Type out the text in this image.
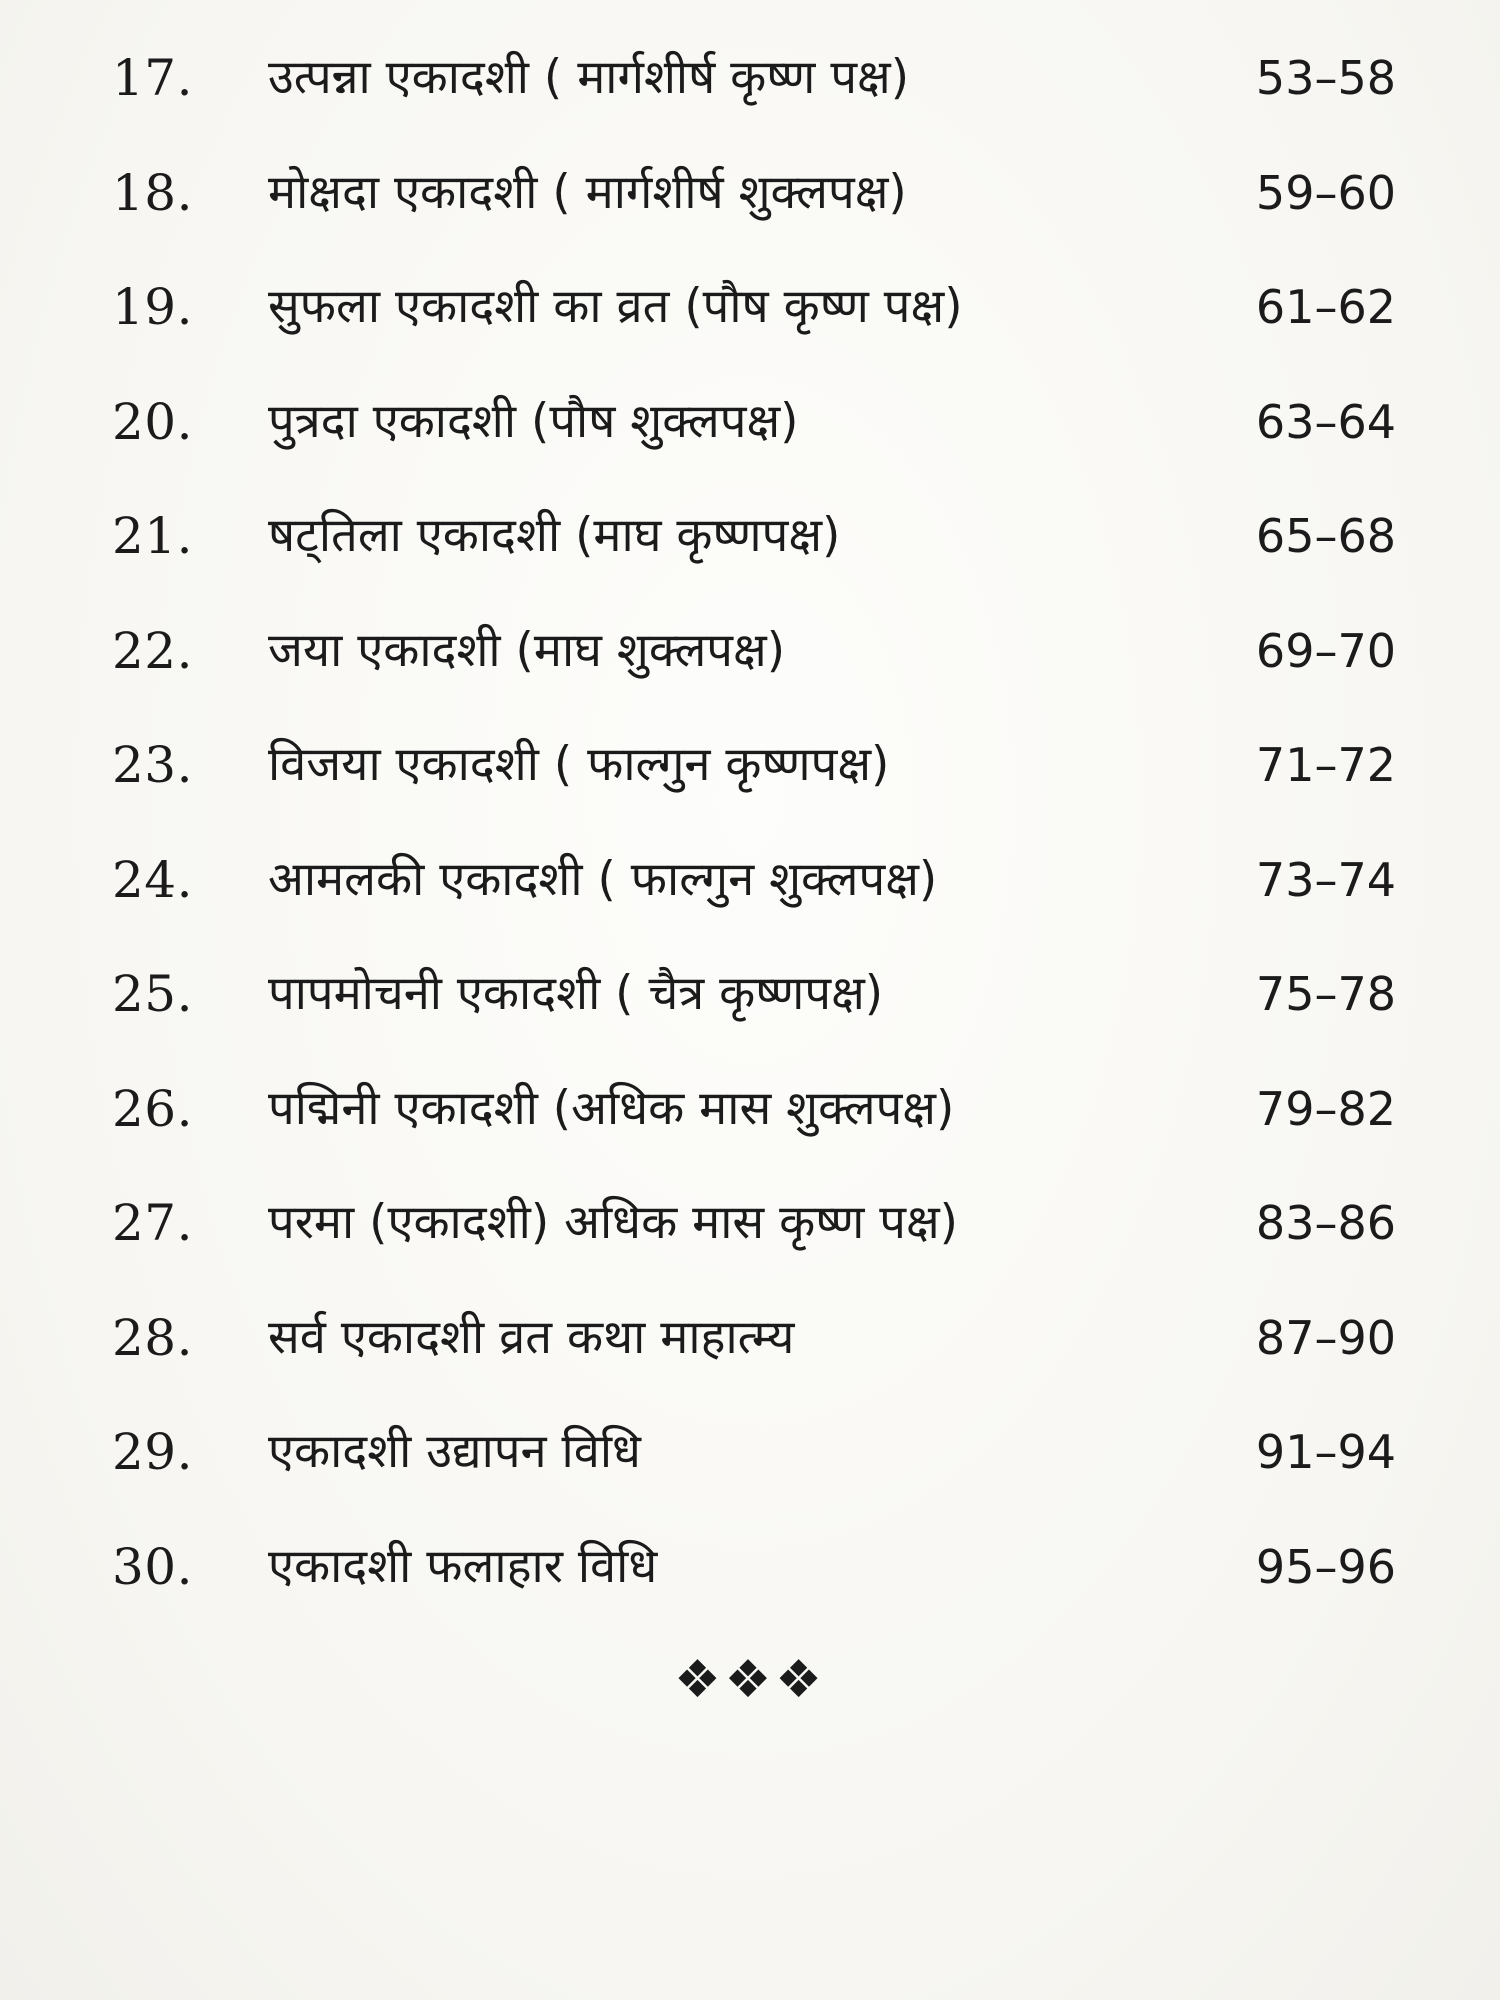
17. उत्पन्ना एकादशी ( मार्गशीर्ष कृष्ण पक्ष)	53–58
18. मोक्षदा एकादशी ( मार्गशीर्ष शुक्लपक्ष)	59–60
19. सुफला एकादशी का व्रत (पौष कृष्ण पक्ष)	61–62
20. पुत्रदा एकादशी (पौष शुक्लपक्ष)	63–64
21. षट्तिला एकादशी (माघ कृष्णपक्ष)	65–68
22. जया एकादशी (माघ शुक्लपक्ष)	69–70
23. विजया एकादशी ( फाल्गुन कृष्णपक्ष)	71–72
24. आमलकी एकादशी ( फाल्गुन शुक्लपक्ष)	73–74
25. पापमोचनी एकादशी ( चैत्र कृष्णपक्ष)	75–78
26. पद्मिनी एकादशी (अधिक मास शुक्लपक्ष)	79–82
27. परमा (एकादशी) अधिक मास कृष्ण पक्ष)	83–86
28. सर्व एकादशी व्रत कथा माहात्म्य	87–90
29. एकादशी उद्यापन विधि	91–94
30. एकादशी फलाहार विधि	95–96
❖❖❖
